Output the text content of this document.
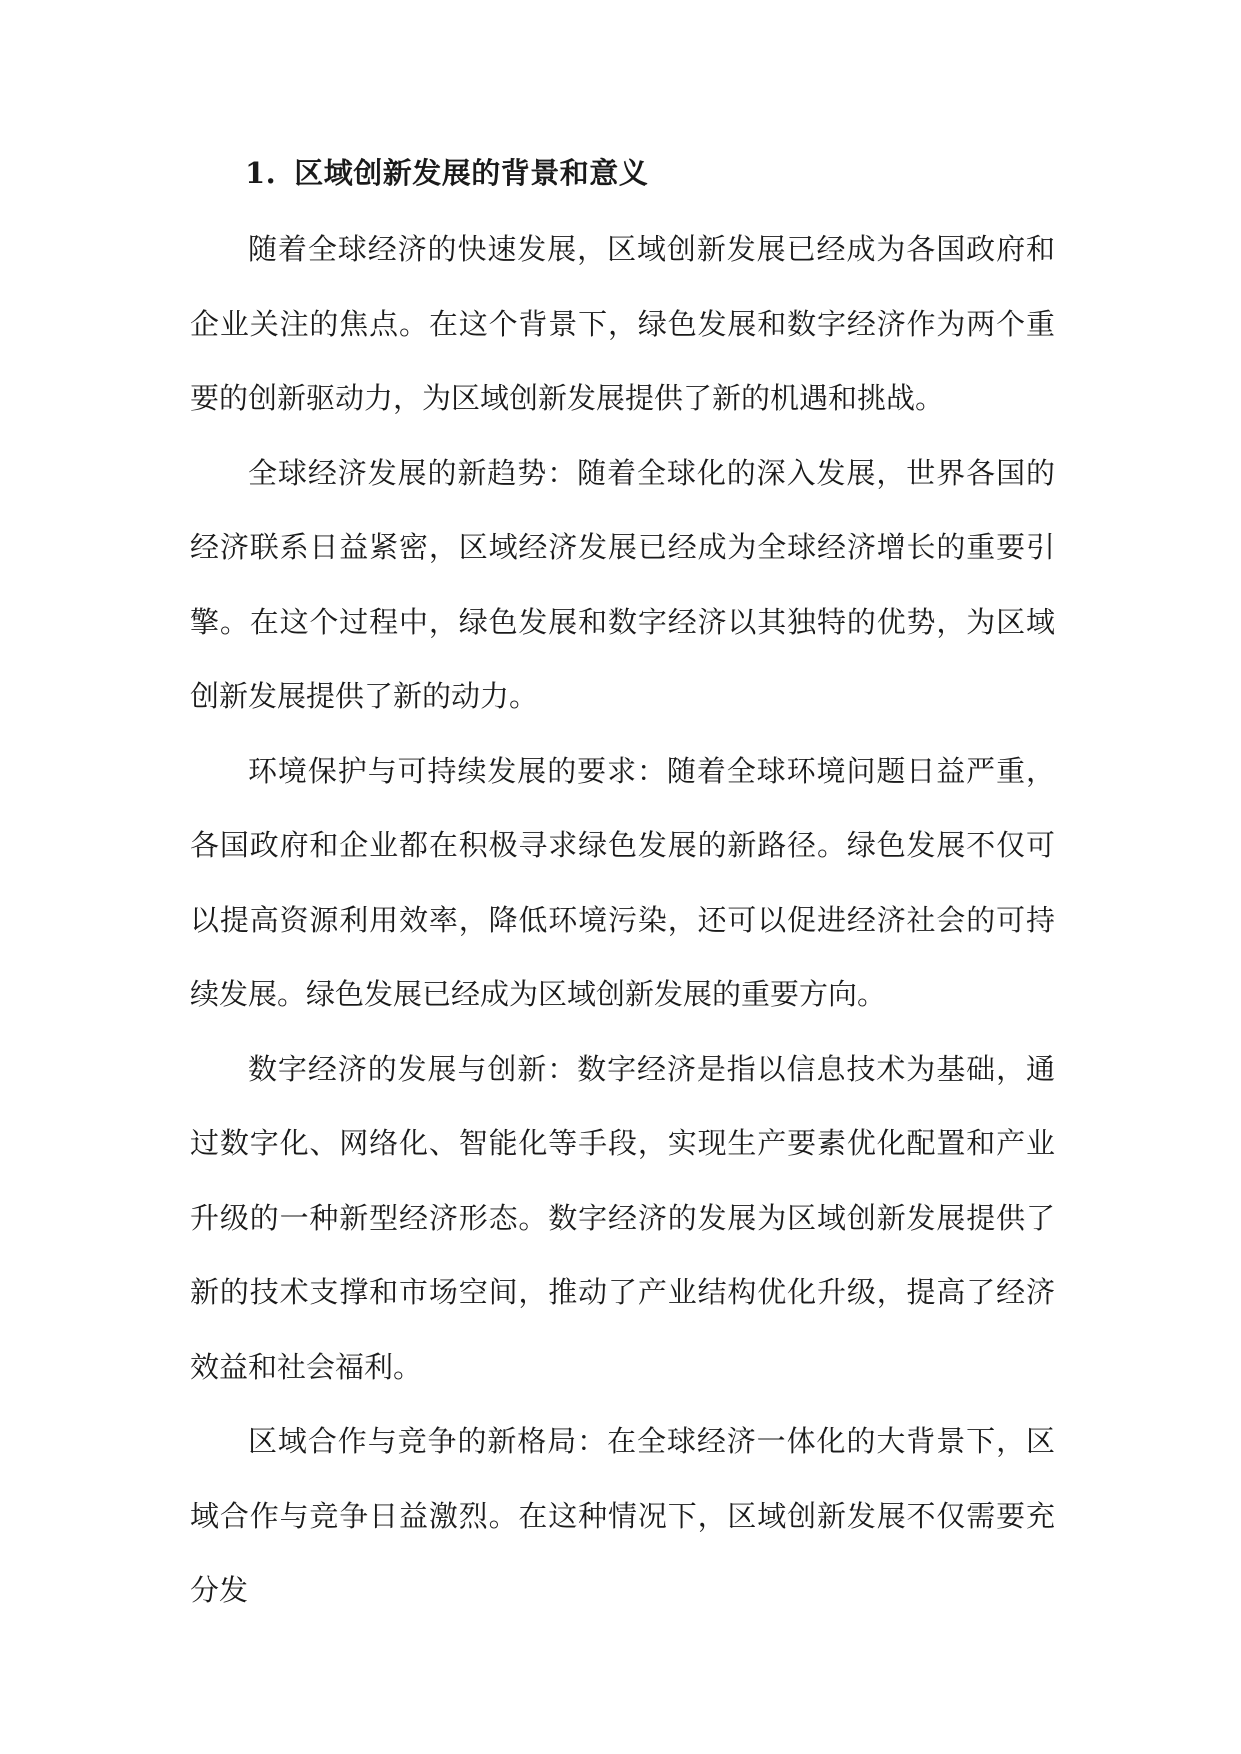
1. 区域创新发展的背景和意义

随着全球经济的快速发展，区域创新发展已经成为各国政府和企业关注的焦点。在这个背景下，绿色发展和数字经济作为两个重要的创新驱动力，为区域创新发展提供了新的机遇和挑战。

全球经济发展的新趋势：随着全球化的深入发展，世界各国的经济联系日益紧密，区域经济发展已经成为全球经济增长的重要引擎。在这个过程中，绿色发展和数字经济以其独特的优势，为区域创新发展提供了新的动力。

环境保护与可持续发展的要求：随着全球环境问题日益严重，各国政府和企业都在积极寻求绿色发展的新路径。绿色发展不仅可以提高资源利用效率，降低环境污染，还可以促进经济社会的可持续发展。绿色发展已经成为区域创新发展的重要方向。

数字经济的发展与创新：数字经济是指以信息技术为基础，通过数字化、网络化、智能化等手段，实现生产要素优化配置和产业升级的一种新型经济形态。数字经济的发展为区域创新发展提供了新的技术支撑和市场空间，推动了产业结构优化升级，提高了经济效益和社会福利。

区域合作与竞争的新格局：在全球经济一体化的大背景下，区域合作与竞争日益激烈。在这种情况下，区域创新发展不仅需要充分发
